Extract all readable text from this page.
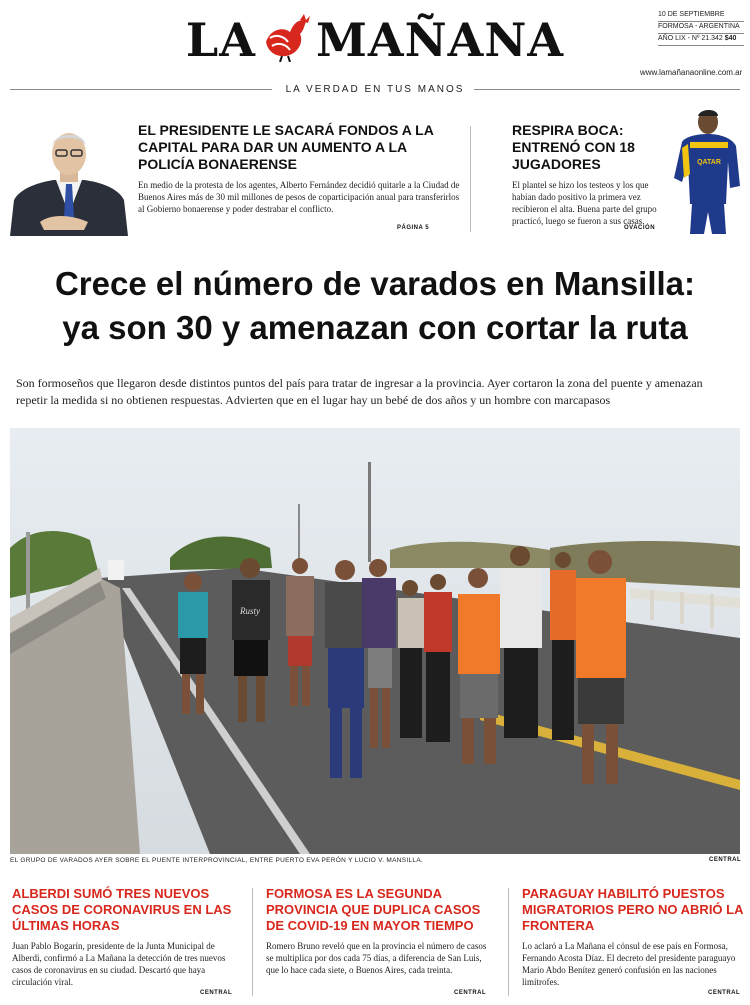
LA MAÑANA	10 DE SEPTIEMBRE
FORMOSA - ARGENTINA
AÑO LIX - Nº 21.342 $40
www.lamañanaonline.com.ar
LA VERDAD EN TUS MANOS
EL PRESIDENTE LE SACARÁ FONDOS A LA CAPITAL PARA DAR UN AUMENTO A LA POLICÍA BONAERENSE
En medio de la protesta de los agentes, Alberto Fernández decidió quitarle a la Ciudad de Buenos Aires más de 30 mil millones de pesos de coparticipación anual para transferirlos al Gobierno bonaerense y poder destrabar el conflicto.
PÁGINA 5
RESPIRA BOCA: ENTRENÓ CON 18 JUGADORES
El plantel se hizo los testeos y los que habían dado positivo la primera vez recibieron el alta. Buena parte del grupo practicó, luego se fueron a sus casas.
QATAR
OVACIÓN
Crece el número de varados en Mansilla:
ya son 30 y amenazan con cortar la ruta
Son formoseños que llegaron desde distintos puntos del país para tratar de ingresar a la provincia. Ayer cortaron la zona del puente y amenazan repetir la medida si no obtienen respuestas. Advierten que en el lugar hay un bebé de dos años y un hombre con marcapasos
Rusty
EL GRUPO DE VARADOS AYER SOBRE EL PUENTE INTERPROVINCIAL, ENTRE PUERTO EVA PERÓN Y LUCIO V. MANSILLA.	CENTRAL
ALBERDI SUMÓ TRES NUEVOS CASOS DE CORONAVIRUS EN LAS ÚLTIMAS HORAS
Juan Pablo Bogarín, presidente de la Junta Municipal de Alberdi, confirmó a La Mañana la detección de tres nuevos casos de coronavirus en su ciudad. Descartó que haya circulación viral.
CENTRAL
FORMOSA ES LA SEGUNDA PROVINCIA QUE DUPLICA CASOS DE COVID-19 EN MAYOR TIEMPO
Romero Bruno reveló que en la provincia el número de casos se multiplica por dos cada 75 días, a diferencia de San Luis, que lo hace cada siete, o Buenos Aires, cada treinta.
CENTRAL
PARAGUAY HABILITÓ PUESTOS MIGRATORIOS PERO NO ABRIÓ LA FRONTERA
Lo aclaró a La Mañana el cónsul de ese país en Formosa, Fernando Acosta Díaz. El decreto del presidente paraguayo Mario Abdo Benítez generó confusión en las naciones limítrofes.
CENTRAL
